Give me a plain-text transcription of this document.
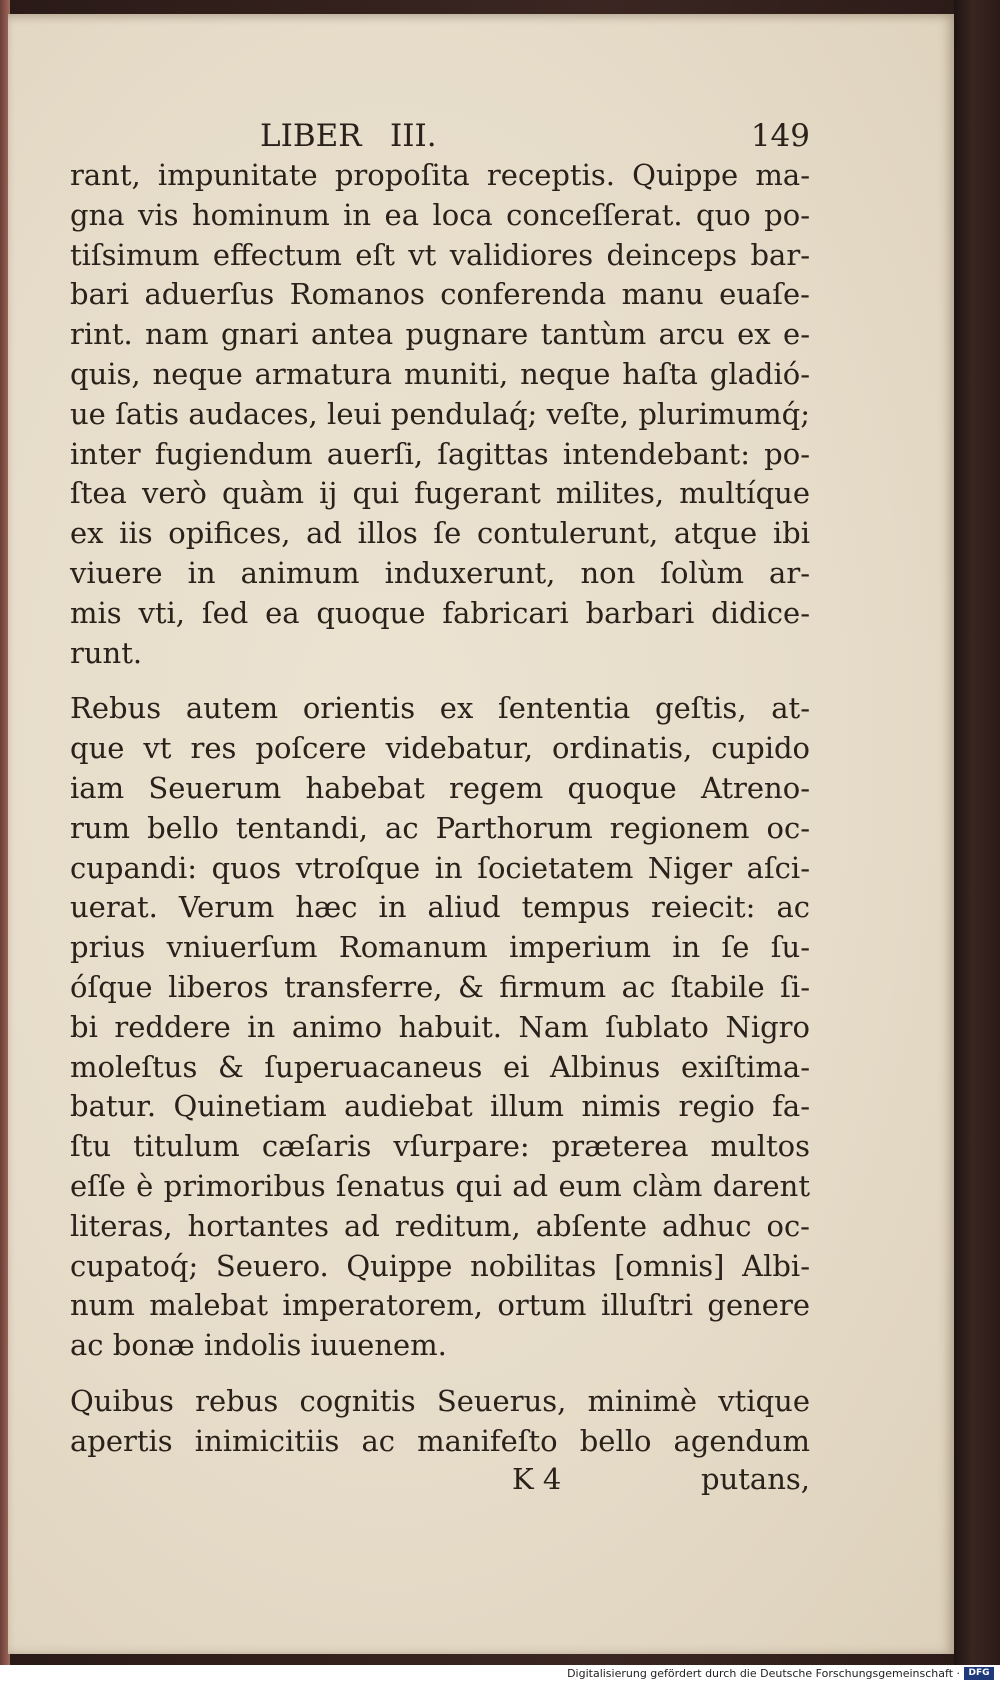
LIBER III.	149
rant, impunitate propoſita receptis. Quippe ma-
gna vis hominum in ea loca conceſſerat. quo po-
tiſsimum effectum eſt vt validiores deinceps bar-
bari aduerſus Romanos conferenda manu euaſe-
rint. nam gnari antea pugnare tantùm arcu ex e-
quis, neque armatura muniti, neque haſta gladió-
ue ſatis audaces, leui pendulaq́; veſte, plurimumq́;
inter fugiendum auerſi, ſagittas intendebant: po-
ſtea verò quàm ij qui fugerant milites, multíque
ex iis opifices, ad illos ſe contulerunt, atque ibi
viuere in animum induxerunt, non ſolùm ar-
mis vti, ſed ea quoque fabricari barbari didice-
runt.
Rebus autem orientis ex ſententia geſtis, at-
que vt res poſcere videbatur, ordinatis, cupido
iam Seuerum habebat regem quoque Atreno-
rum bello tentandi, ac Parthorum regionem oc-
cupandi: quos vtroſque in ſocietatem Niger aſci-
uerat. Verum hæc in aliud tempus reiecit: ac
prius vniuerſum Romanum imperium in ſe ſu-
óſque liberos transferre, & firmum ac ſtabile ſi-
bi reddere in animo habuit. Nam ſublato Nigro
moleſtus & ſuperuacaneus ei Albinus exiſtima-
batur. Quinetiam audiebat illum nimis regio fa-
ſtu titulum cæſaris vſurpare: præterea multos
eſſe è primoribus ſenatus qui ad eum clàm darent
literas, hortantes ad reditum, abſente adhuc oc-
cupatoq́; Seuero. Quippe nobilitas [omnis] Albi-
num malebat imperatorem, ortum illuſtri genere
ac bonæ indolis iuuenem.
Quibus rebus cognitis Seuerus, minimè vtique
apertis inimicitiis ac manifeſto bello agendum
K 4	putans,
Digitalisierung gefördert durch die Deutsche Forschungsgemeinschaft · DFG
